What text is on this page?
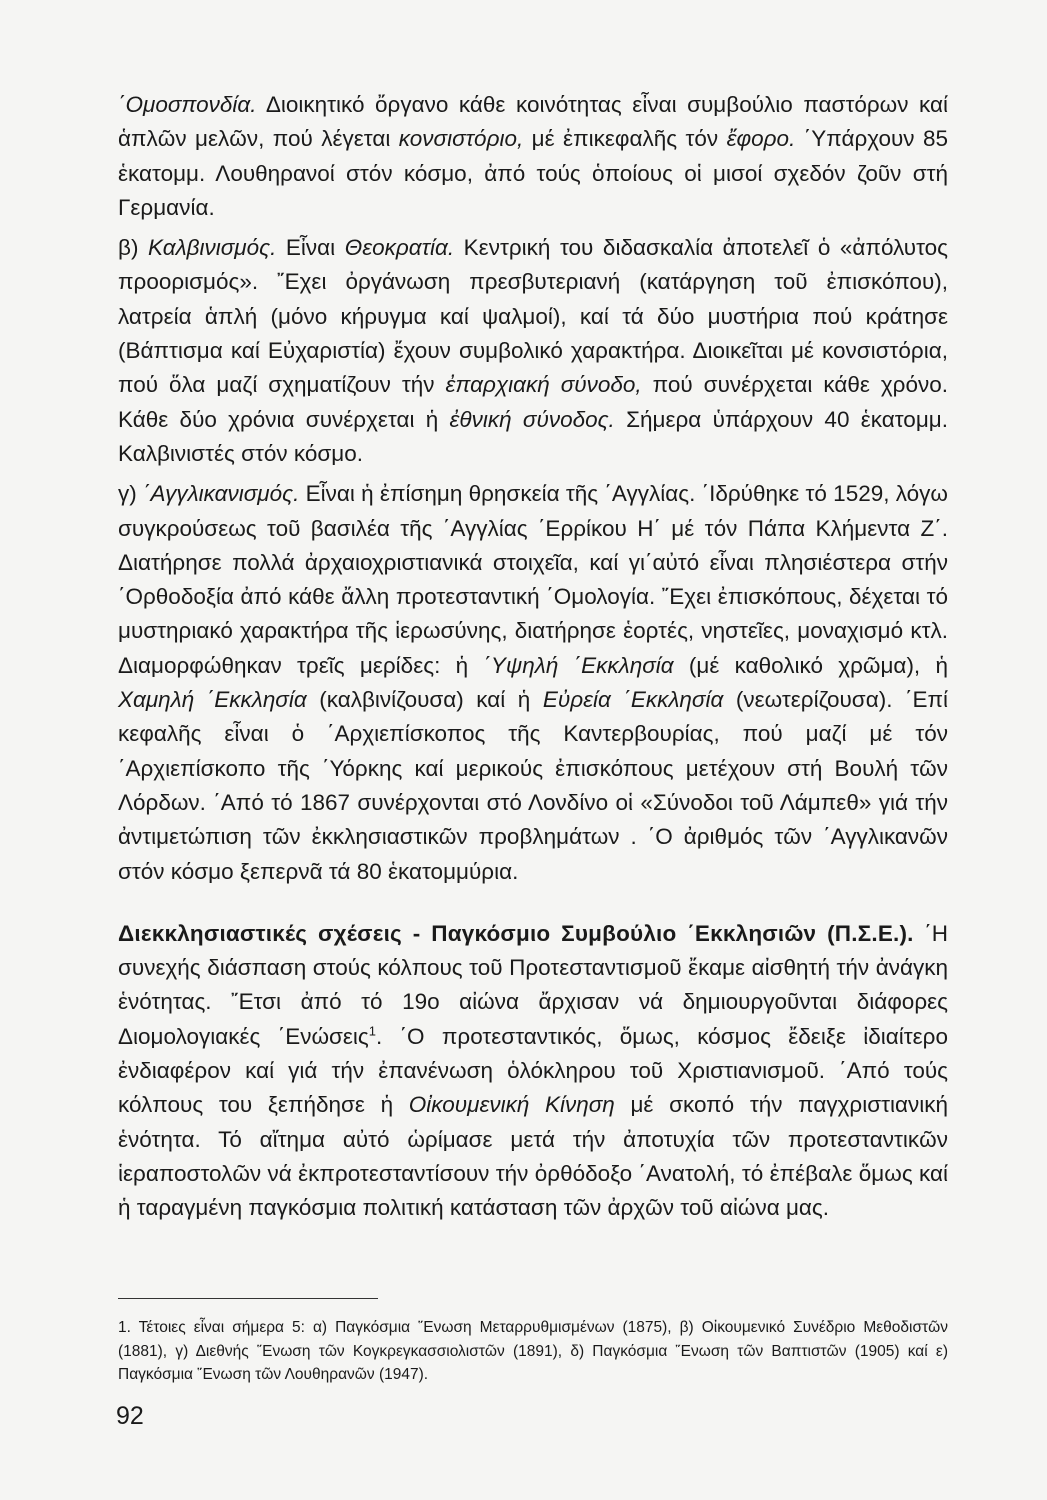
΄Ομοσπονδία. Διοικητικό ὄργανο κάθε κοινότητας εἶναι συμβούλιο παστόρων καί ἁπλῶν μελῶν, πού λέγεται κονσιστόριο, μέ ἐπικεφαλῆς τόν ἔφορο. ΄Υπάρχουν 85 ἑκατομμ. Λουθηρανοί στόν κόσμο, ἀπό τούς ὁποίους οἱ μισοί σχεδόν ζοῦν στή Γερμανία.

β) Καλβινισμός. Εἶναι Θεοκρατία. Κεντρική του διδασκαλία ἀποτελεῖ ὁ «ἀπόλυτος προορισμός». ῎Εχει ὀργάνωση πρεσβυτεριανή (κατάργηση τοῦ ἐπισκόπου), λατρεία ἁπλή (μόνο κήρυγμα καί ψαλμοί), καί τά δύο μυστήρια πού κράτησε (Βάπτισμα καί Εὐχαριστία) ἔχουν συμβολικό χαρακτήρα. Διοικεῖται μέ κονσιστόρια, πού ὅλα μαζί σχηματίζουν τήν ἐπαρχιακή σύνοδο, πού συνέρχεται κάθε χρόνο. Κάθε δύο χρόνια συνέρχεται ἡ ἐθνική σύνοδος. Σήμερα ὑπάρχουν 40 ἑκατομμ. Καλβινιστές στόν κόσμο.

γ) ΄Αγγλικανισμός. Εἶναι ἡ ἐπίσημη θρησκεία τῆς ΄Αγγλίας. ΄Ιδρύθηκε τό 1529, λόγω συγκρούσεως τοῦ βασιλέα τῆς ΄Αγγλίας ΄Ερρίκου Η΄ μέ τόν Πάπα Κλήμεντα Ζ΄. Διατήρησε πολλά ἀρχαιοχριστιανικά στοιχεῖα, καί γι΄αὐτό εἶναι πλησιέστερα στήν ΄Ορθοδοξία ἀπό κάθε ἄλλη προτεσταντική ΄Ομολογία. ῎Εχει ἐπισκόπους, δέχεται τό μυστηριακό χαρακτήρα τῆς ἱερωσύνης, διατήρησε ἑορτές, νηστεῖες, μοναχισμό κτλ. Διαμορφώθηκαν τρεῖς μερίδες: ἡ ΄Υψηλή ΄Εκκλησία (μέ καθολικό χρῶμα), ἡ Χαμηλή ΄Εκκλησία (καλβινίζουσα) καί ἡ Εὐρεία ΄Εκκλησία (νεωτερίζουσα). ΄Επί κεφαλῆς εἶναι ὁ ΄Αρχιεπίσκοπος τῆς Καντερβουρίας, πού μαζί μέ τόν ΄Αρχιεπίσκοπο τῆς ΄Υόρκης καί μερικούς ἐπισκόπους μετέχουν στή Βουλή τῶν Λόρδων. ΄Από τό 1867 συνέρχονται στό Λονδίνο οἱ «Σύνοδοι τοῦ Λάμπεθ» γιά τήν ἀντιμετώπιση τῶν ἐκκλησιαστικῶν προβλημάτων . ΄Ο ἀριθμός τῶν ΄Αγγλικανῶν στόν κόσμο ξεπερνᾶ τά 80 ἑκατομμύρια.

Διεκκλησιαστικές σχέσεις - Παγκόσμιο Συμβούλιο ΄Εκκλησιῶν (Π.Σ.Ε.). ΄Η συνεχής διάσπαση στούς κόλπους τοῦ Προτεσταντισμοῦ ἔκαμε αἰσθητή τήν ἀνάγκη ἑνότητας. ῎Ετσι ἀπό τό 19ο αἰώνα ἄρχισαν νά δημιουργοῦνται διάφορες Διομολογιακές ΄Ενώσεις$^1$. ΄Ο προτεσταντικός, ὅμως, κόσμος ἔδειξε ἰδιαίτερο ἐνδιαφέρον καί γιά τήν ἐπανένωση ὁλόκληρου τοῦ Χριστιανισμοῦ. ΄Από τούς κόλπους του ξεπήδησε ἡ Οἰκουμενική Κίνηση μέ σκοπό τήν παγχριστιανική ἑνότητα. Τό αἴτημα αὐτό ὡρίμασε μετά τήν ἀποτυχία τῶν προτεσταντικῶν ἱεραποστολῶν νά ἐκπροτεσταντίσουν τήν ὀρθόδοξο ΄Ανατολή, τό ἐπέβαλε ὅμως καί ἡ ταραγμένη παγκόσμια πολιτική κατάσταση τῶν ἀρχῶν τοῦ αἰώνα μας.

1. Τέτοιες εἶναι σήμερα 5: α) Παγκόσμια ῞Ενωση Μεταρρυθμισμένων (1875), β) Οἰκουμενικό Συνέδριο Μεθοδιστῶν (1881), γ) Διεθνής ῞Ενωση τῶν Κογκρεγκασσιολιστῶν (1891), δ) Παγκόσμια ῞Ενωση τῶν Βαπτιστῶν (1905) καί ε) Παγκόσμια ῞Ενωση τῶν Λουθηρανῶν (1947).
92
